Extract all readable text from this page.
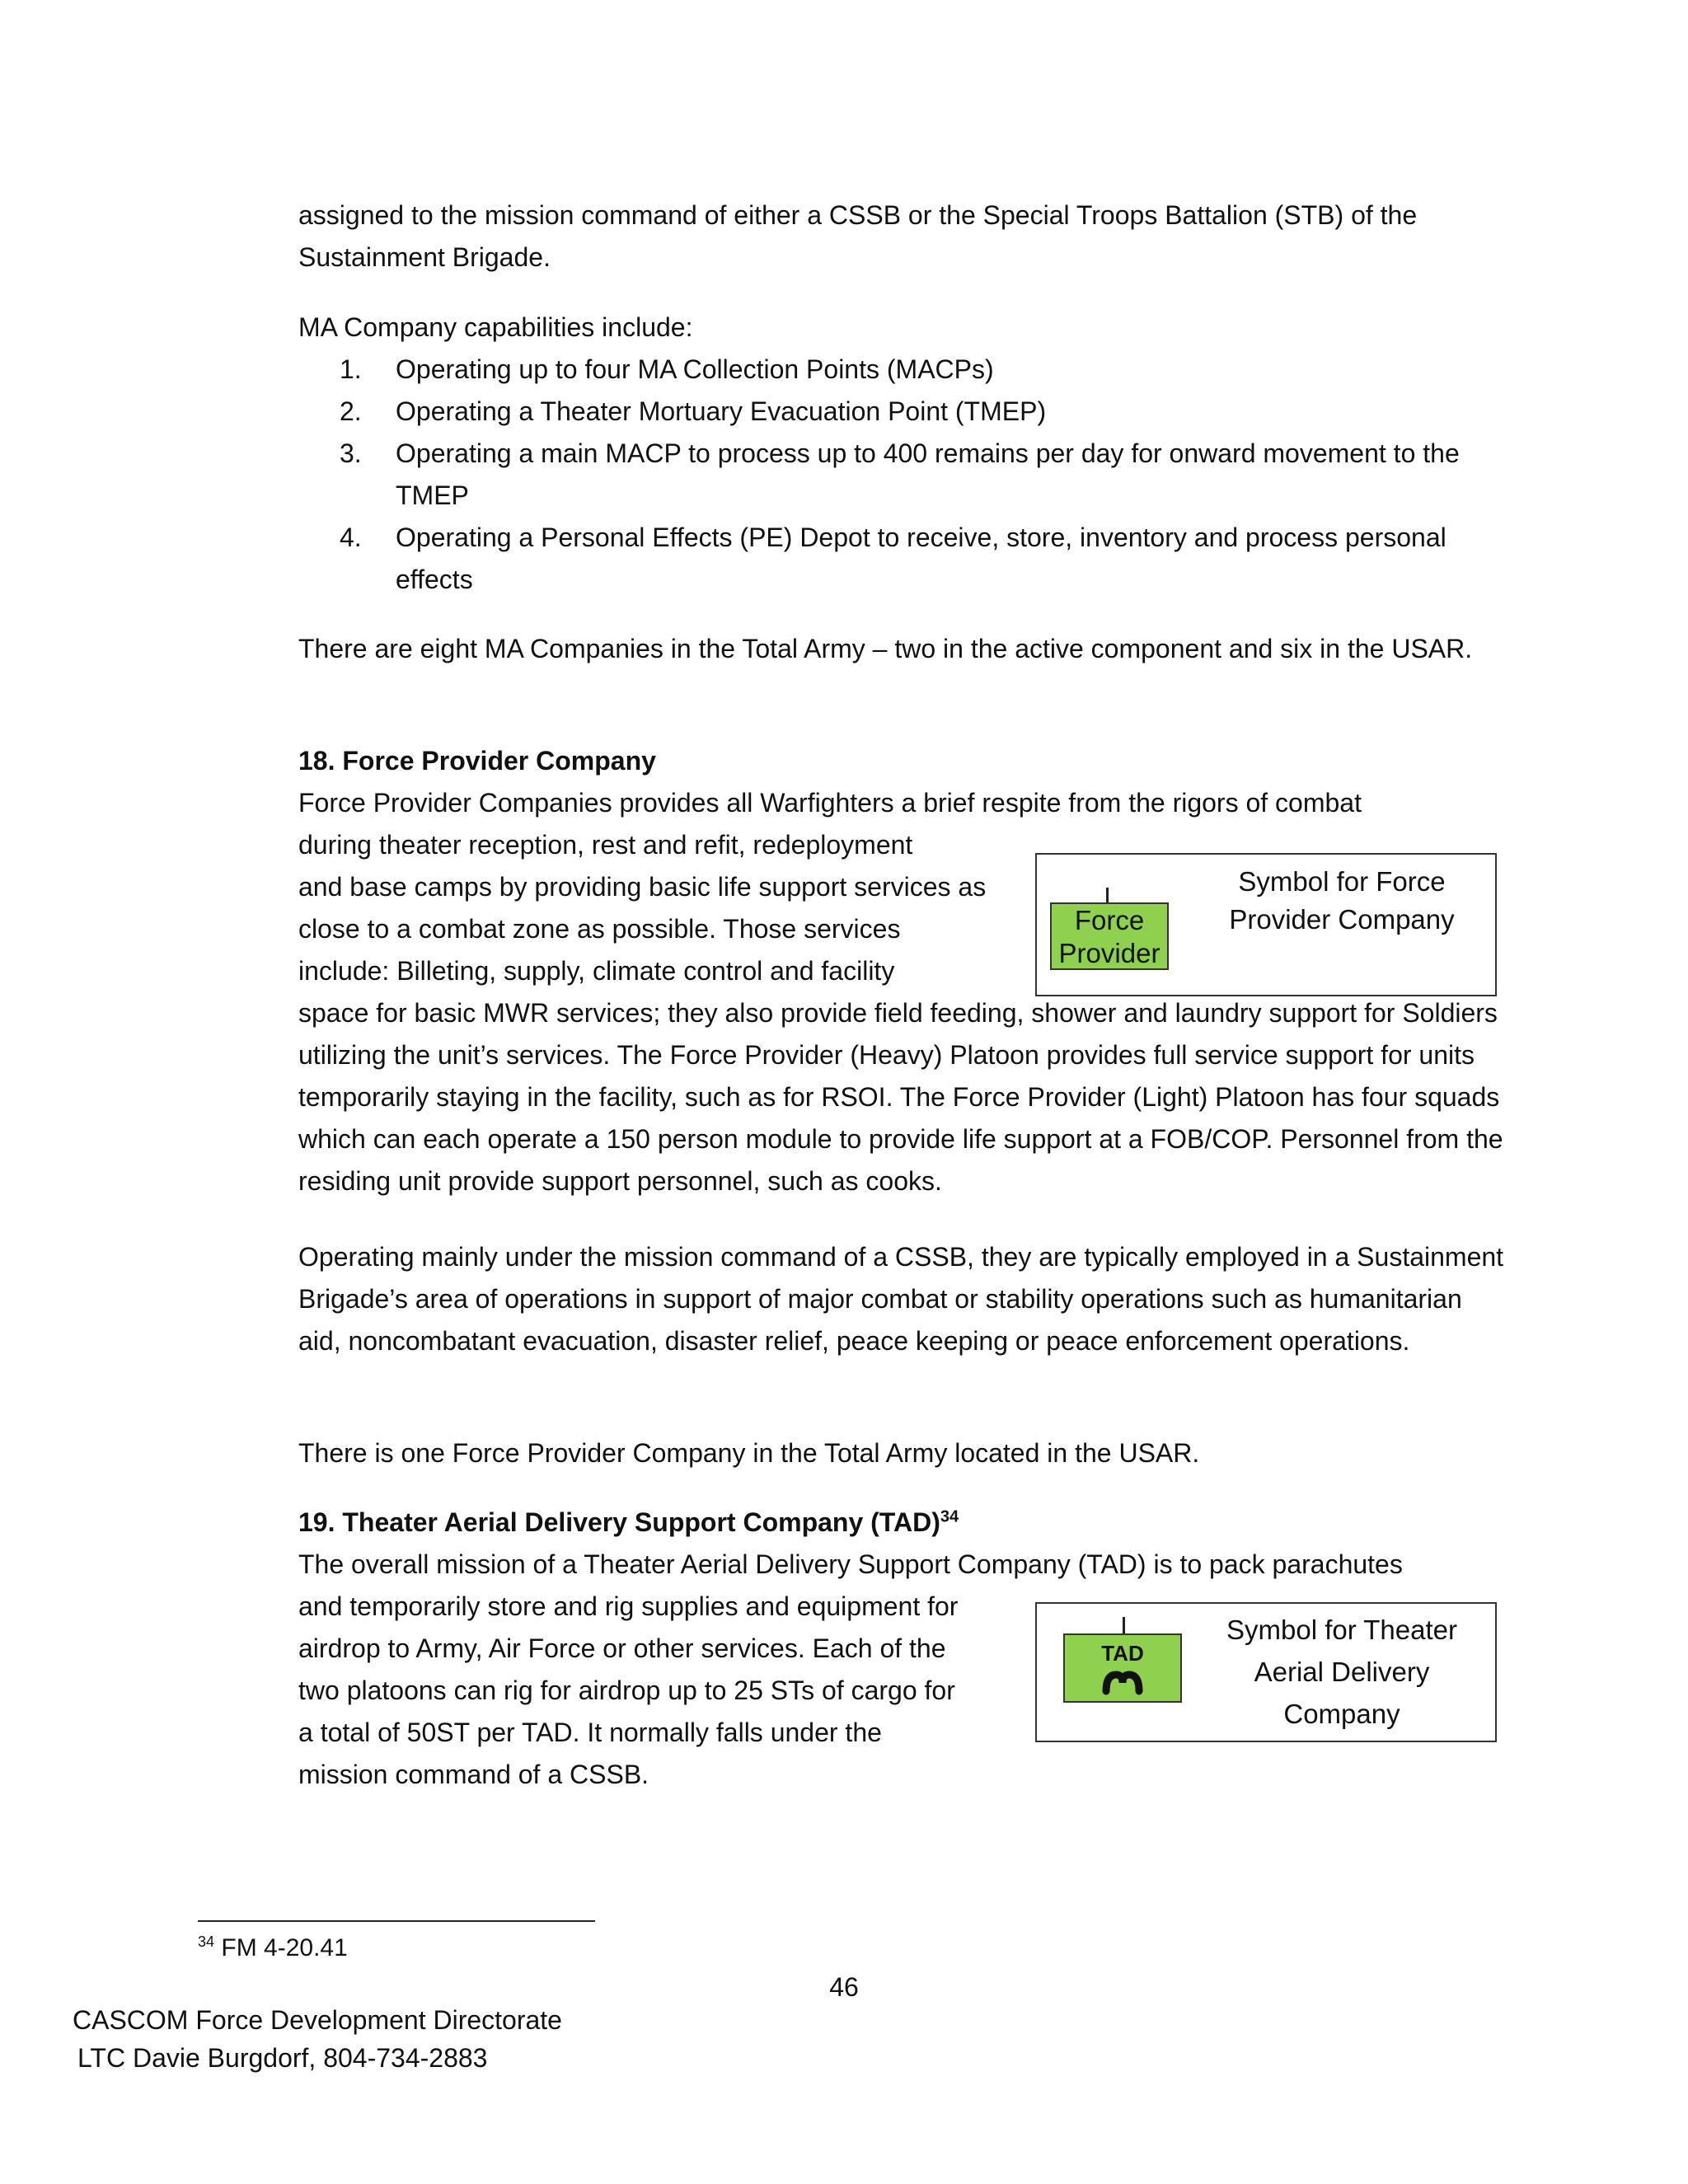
assigned to the mission command of either a CSSB or the Special Troops Battalion (STB) of the Sustainment Brigade.

MA Company capabilities include:

1. Operating up to four MA Collection Points (MACPs)
2. Operating a Theater Mortuary Evacuation Point (TMEP)
3. Operating a main MACP to process up to 400 remains per day for onward movement to the TMEP
4. Operating a Personal Effects (PE) Depot to receive, store, inventory and process personal effects

There are eight MA Companies in the Total Army – two in the active component and six in the USAR.

18. Force Provider Company
Force Provider Companies provides all Warfighters a brief respite from the rigors of combat
during theater reception, rest and refit, redeployment
and base camps by providing basic life support services as
close to a combat zone as possible. Those services
include: Billeting, supply, climate control and facility
Force
Provider
Symbol for Force
Provider Company

space for basic MWR services; they also provide field feeding, shower and laundry support for Soldiers utilizing the unit’s services. The Force Provider (Heavy) Platoon provides full service support for units temporarily staying in the facility, such as for RSOI. The Force Provider (Light) Platoon has four squads which can each operate a 150 person module to provide life support at a FOB/COP. Personnel from the residing unit provide support personnel, such as cooks.

Operating mainly under the mission command of a CSSB, they are typically employed in a Sustainment Brigade’s area of operations in support of major combat or stability operations such as humanitarian aid, noncombatant evacuation, disaster relief, peace keeping or peace enforcement operations.

There is one Force Provider Company in the Total Army located in the USAR.

19. Theater Aerial Delivery Support Company (TAD)$^{34}$
The overall mission of a Theater Aerial Delivery Support Company (TAD) is to pack parachutes
and temporarily store and rig supplies and equipment for
airdrop to Army, Air Force or other services. Each of the
two platoons can rig for airdrop up to 25 STs of cargo for
a total of 50ST per TAD. It normally falls under the
mission command of a CSSB.
TAD
Symbol for Theater
Aerial Delivery
Company
$^{34}$ FM 4-20.41
46
CASCOM Force Development Directorate
LTC Davie Burgdorf, 804-734-2883
